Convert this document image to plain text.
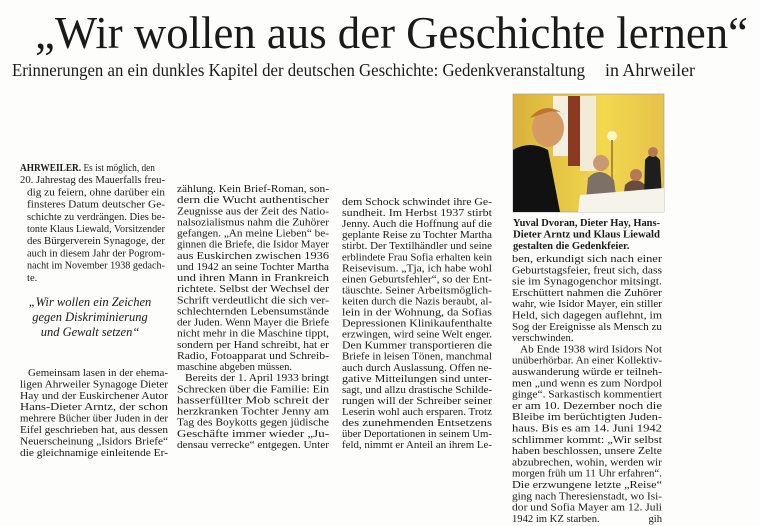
„Wir wollen aus der Geschichte lernen“
Erinnerungen an ein dunkles Kapitel der deutschen Geschichte: Gedenkveranstaltung in Ahrweiler
AHRWEILER. Es ist möglich, den
20. Jahrestag des Mauerfalls freu-
dig zu feiern, ohne darüber ein
finsteres Datum deutscher Ge-
schichte zu verdrängen. Dies be-
tonte Klaus Liewald, Vorsitzender
des Bürgerverein Synagoge, der
auch in diesem Jahr der Pogrom-
nacht im November 1938 gedach-
te.
„Wir wollen ein Zeichen
gegen Diskriminierung
und Gewalt setzen“
Gemeinsam lasen in der ehema-
ligen Ahrweiler Synagoge Dieter
Hay und der Euskirchener Autor
Hans-Dieter Arntz, der schon
mehrere Bücher über Juden in der
Eifel geschrieben hat, aus dessen
Neuerscheinung „Isidors Briefe“
die gleichnamige einleitende Er-
zählung. Kein Brief-Roman, son-
dern die Wucht authentischer
Zeugnisse aus der Zeit des Natio-
nalsozialismus nahm die Zuhörer
gefangen. „An meine Lieben“ be-
ginnen die Briefe, die Isidor Mayer
aus Euskirchen zwischen 1936
und 1942 an seine Tochter Martha
und ihren Mann in Frankreich
richtete. Selbst der Wechsel der
Schrift verdeutlicht die sich ver-
schlechternden Lebensumstände
der Juden. Wenn Mayer die Briefe
nicht mehr in die Maschine tippt,
sondern per Hand schreibt, hat er
Radio, Fotoapparat und Schreib-
maschine abgeben müssen.
Bereits der 1. April 1933 bringt
Schrecken über die Familie: Ein
hasserfüllter Mob schreit der
herzkranken Tochter Jenny am
Tag des Boykotts gegen jüdische
Geschäfte immer wieder „Ju-
densau verrecke“ entgegen. Unter
dem Schock schwindet ihre Ge-
sundheit. Im Herbst 1937 stirbt
Jenny. Auch die Hoffnung auf die
geplante Reise zu Tochter Martha
stirbt. Der Textilhändler und seine
erblindete Frau Sofia erhalten kein
Reisevisum. „Tja, ich habe wohl
einen Geburtsfehler“, so der Ent-
täuschte. Seiner Arbeitsmöglich-
keiten durch die Nazis beraubt, al-
lein in der Wohnung, da Sofias
Depressionen Klinikaufenthalte
erzwingen, wird seine Welt enger.
Den Kummer transportieren die
Briefe in leisen Tönen, manchmal
auch durch Auslassung. Offen ne-
gative Mitteilungen sind unter-
sagt, und allzu drastische Schilde-
rungen will der Schreiber seiner
Leserin wohl auch ersparen. Trotz
des zunehmenden Entsetzens
über Deportationen in seinem Um-
feld, nimmt er Anteil an ihrem Le-
Yuval Dvoran, Dieter Hay, Hans-
Dieter Arntz und Klaus Liewald
gestalten die Gedenkfeier.
ben, erkundigt sich nach einer
Geburtstagsfeier, freut sich, dass
sie im Synagogenchor mitsingt.
Erschüttert nahmen die Zuhörer
wahr, wie Isidor Mayer, ein stiller
Held, sich dagegen auflehnt, im
Sog der Ereignisse als Mensch zu
verschwinden.
Ab Ende 1938 wird Isidors Not
unüberhörbar. An einer Kollektiv-
auswanderung würde er teilneh-
men „und wenn es zum Nordpol
ginge“. Sarkastisch kommentiert
er am 10. Dezember noch die
Bleibe im berüchtigten Juden-
haus. Bis es am 14. Juni 1942
schlimmer kommt: „Wir selbst
haben beschlossen, unsere Zelte
abzubrechen, wohin, werden wir
morgen früh um 11 Uhr erfahren“.
Die erzwungene letzte „Reise“
ging nach Theresienstadt, wo Isi-
dor und Sofia Mayer am 12. Juli
1942 im KZ starben.	gih
